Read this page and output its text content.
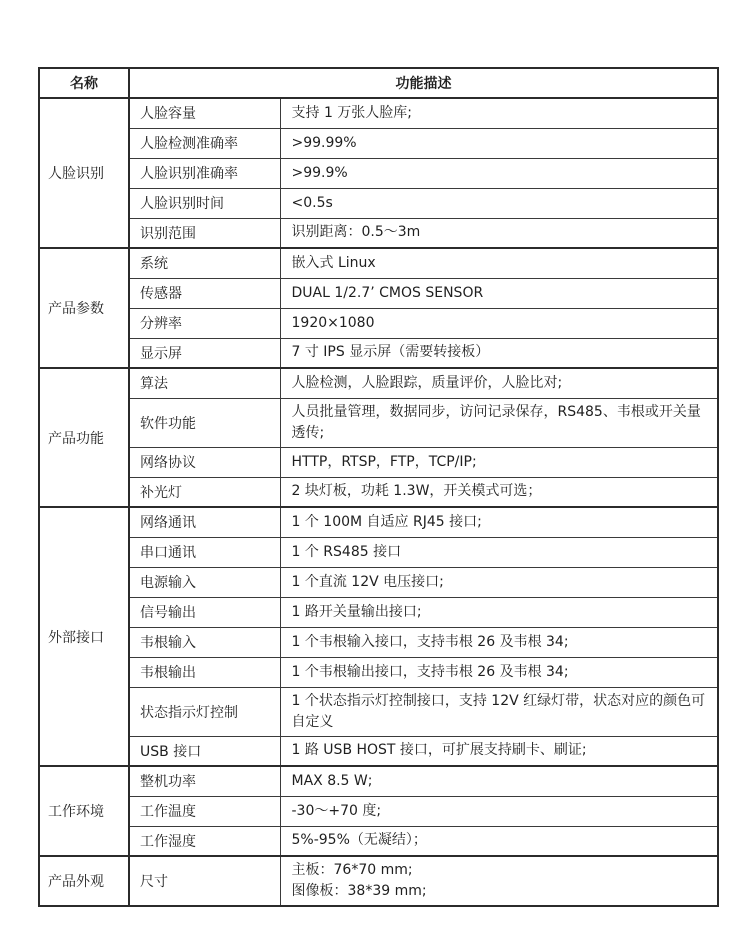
名称	功能描述	
人脸识别	人脸容量	支持 1 万张人脸库;

	人脸检测准确率	>99.99%

	人脸识别准确率	>99.9%

	人脸识别时间	<0.5s

	识别范围	识别距离：0.5～3m

产品参数	系统	嵌入式 Linux

	传感器	DUAL 1/2.7’ CMOS SENSOR

	分辨率	1920×1080

	显示屏	7 寸 IPS 显示屏（需要转接板）

产品功能	算法	人脸检测，人脸跟踪，质量评价，人脸比对;

	软件功能	人员批量管理，数据同步，访问记录保存，RS485、韦根或开关量透传;

	网络协议	HTTP，RTSP，FTP，TCP/IP;

	补光灯	2 块灯板，功耗 1.3W，开关模式可选；

外部接口	网络通讯	1 个 100M 自适应 RJ45 接口;

	串口通讯	1 个 RS485 接口

	电源输入	1 个直流 12V 电压接口;

	信号输出	1 路开关量输出接口;

	韦根输入	1 个韦根输入接口，支持韦根 26 及韦根 34;

	韦根输出	1 个韦根输出接口，支持韦根 26 及韦根 34;

	状态指示灯控制	1 个状态指示灯控制接口，支持 12V 红绿灯带，状态对应的颜色可自定义

	USB 接口	1 路 USB HOST 接口，可扩展支持刷卡、刷证;

工作环境	整机功率	MAX 8.5 W;

	工作温度	-30～+70 度;

	工作湿度	5%-95%（无凝结）；

产品外观	尺寸	主板：76*70 mm;
图像板：38*39 mm;
